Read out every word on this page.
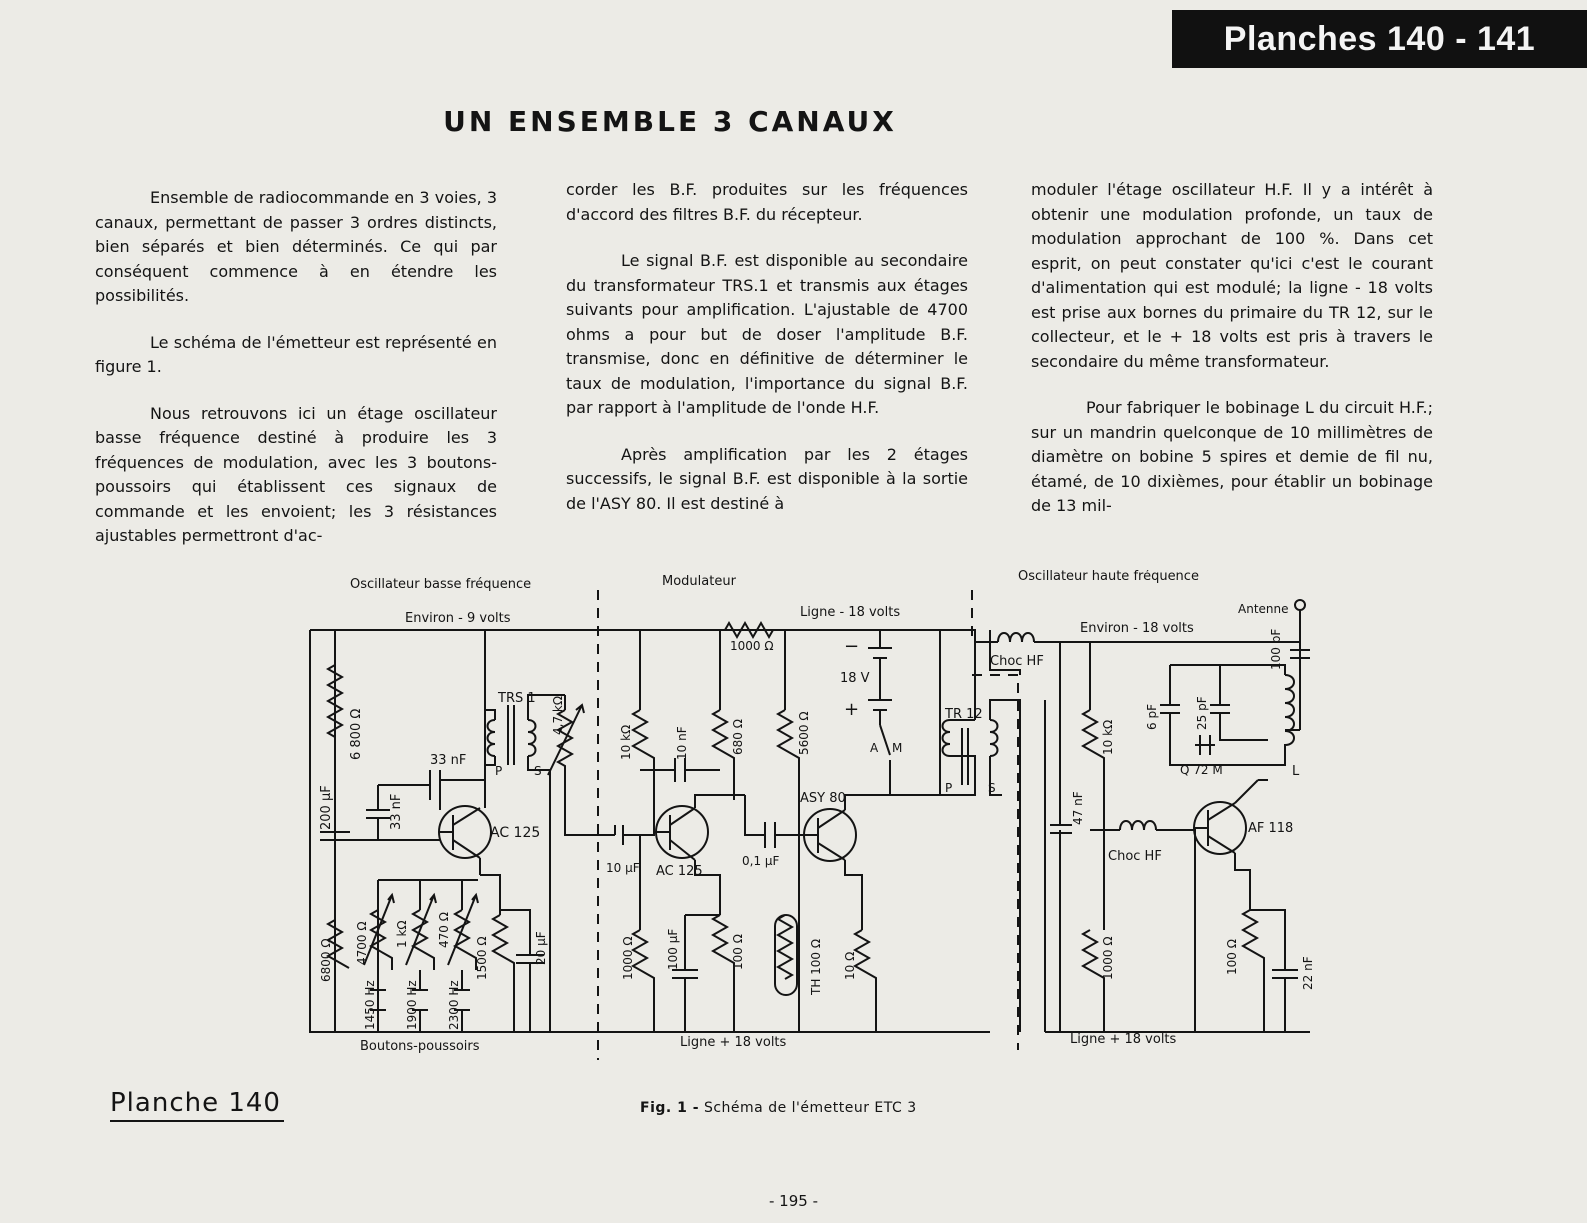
Planches 140 - 141
UN ENSEMBLE 3 CANAUX

Ensemble de radiocommande en 3 voies, 3 canaux, permettant de passer 3 ordres distincts, bien séparés et bien déterminés. Ce qui par conséquent commence à en étendre les possibilités.

Le schéma de l'émetteur est représenté en figure 1.

Nous retrouvons ici un étage oscillateur basse fréquence destiné à produire les 3 fréquences de modulation, avec les 3 boutons-poussoirs qui établissent ces signaux de commande et les envoient; les 3 résistances ajustables permettront d'ac-

corder les B.F. produites sur les fréquences d'accord des filtres B.F. du récepteur.

Le signal B.F. est disponible au secondaire du transformateur TRS.1 et transmis aux étages suivants pour amplification. L'ajustable de 4700 ohms a pour but de doser l'amplitude B.F. transmise, donc en définitive de déterminer le taux de modulation, l'importance du signal B.F. par rapport à l'amplitude de l'onde H.F.

Après amplification par les 2 étages successifs, le signal B.F. est disponible à la sortie de l'ASY 80. Il est destiné à

moduler l'étage oscillateur H.F. Il y a intérêt à obtenir une modulation profonde, un taux de modulation approchant de 100 %. Dans cet esprit, on peut constater qu'ici c'est le courant d'alimentation qui est modulé; la ligne - 18 volts est prise aux bornes du primaire du TR 12, sur le collecteur, et le + 18 volts est pris à travers le secondaire du même transformateur.

Pour fabriquer le bobinage L du circuit H.F.; sur un mandrin quelconque de 10 millimètres de diamètre on bobine 5 spires et demie de fil nu, étamé, de 10 dixièmes, pour établir un bobinage de 13 mil-

Oscillateur basse fréquence	Modulateur	Oscillateur haute fréquence
Environ - 9 volts	Ligne - 18 volts
Environ - 18 volts
Antenne
Boutons-poussoirs	Ligne + 18 volts	Ligne + 18 volts
6 800 Ω
200 μF
33 nF
33 nF
AC 125
4700 Ω 1 kΩ 470 Ω
6800 Ω	1500 Ω	20 μF
1450 Hz 1900 Hz 2300 Hz
TRS 1
P	S
4,7 kΩ
10 μF
10 kΩ	10 nF	680 Ω
AC 125
1000 Ω	100 μF	100 Ω
0,1 μF
5600 Ω
ASY 80
TH 100 Ω 10 Ω
1000 Ω
18 V
−
+
M
A
TR 12
P	S
Choc HF
Choc HF
47 nF
10 kΩ
1000 Ω
6 pF	25 pF
Q 72 M
AF 118
100 pF
L
100 Ω	22 nF
Planche 140	Fig. 1 - Schéma de l'émetteur ETC 3
- 195 -
